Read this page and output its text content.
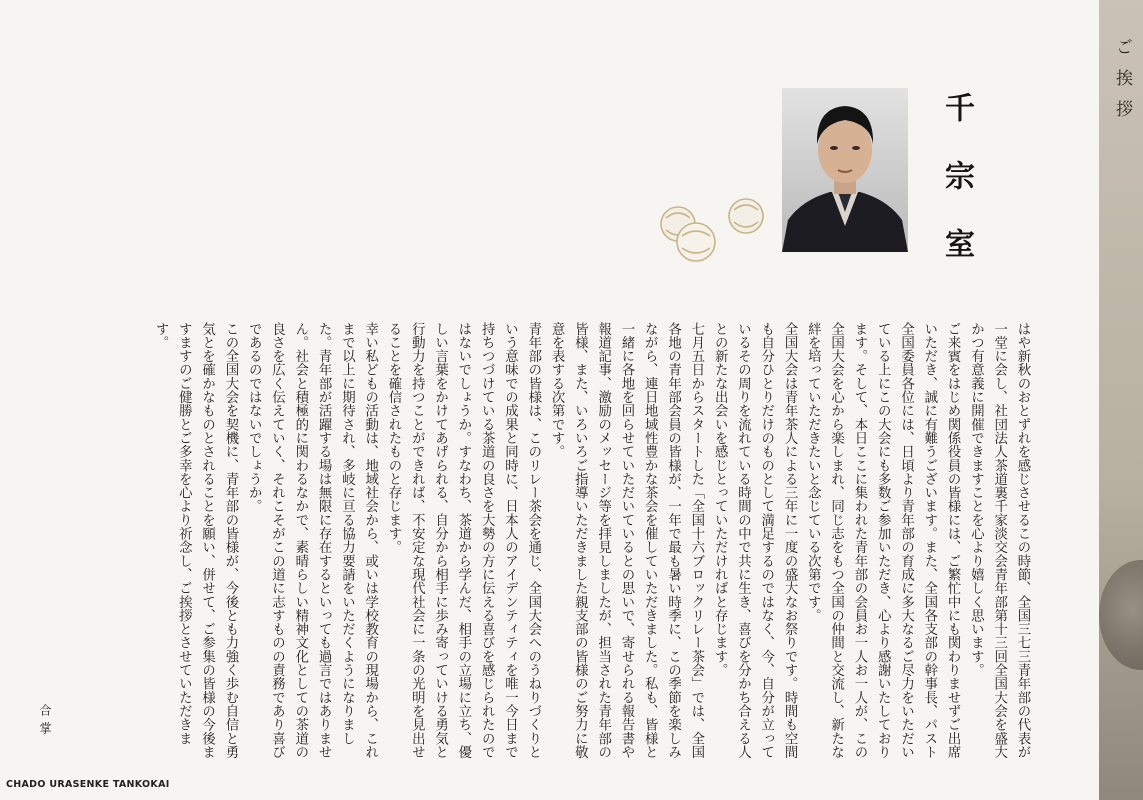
ご挨拶
千宗室

はや新秋のおとずれを感じさせるこの時節、全国三七三青年部の代表が一堂に会し、社団法人茶道裏千家淡交会青年部第十三回全国大会を盛大かつ有意義に開催できますことを心より嬉しく思います。

ご来賓をはじめ関係役員の皆様には、ご繁忙中にも関わりませずご出席いただき、誠に有難うございます。また、全国各支部の幹事長、パスト全国委員各位には、日頃より青年部の育成に多大なるご尽力をいただいている上にこの大会にも多数ご参加いただき、心より感謝いたしております。そして、本日ここに集われた青年部の会員お一人お一人が、この全国大会を心から楽しまれ、同じ志をもつ全国の仲間と交流し、新たな絆を培っていただきたいと念じている次第です。

全国大会は青年茶人による三年に一度の盛大なお祭りです。時間も空間も自分ひとりだけのものとして満足するのではなく、今、自分が立っているその周りを流れている時間の中で共に生き、喜びを分かち合える人との新たな出会いを感じとっていただければと存じます。

七月五日からスタートした「全国十六ブロックリレー茶会」では、全国各地の青年部会員の皆様が、一年で最も暑い時季に、この季節を楽しみながら、連日地域性豊かな茶会を催していただきました。私も、皆様と一緒に各地を回らせていただいているとの思いで、寄せられる報告書や報道記事、激励のメッセージ等を拝見しましたが、担当された青年部の皆様、また、いろいろご指導いただきました親支部の皆様のご努力に敬意を表する次第です。

青年部の皆様は、このリレー茶会を通じ、全国大会へのうねりづくりという意味での成果と同時に、日本人のアイデンティティを唯一今日まで持ちつづけている茶道の良さを大勢の方に伝える喜びを感じられたのではないでしょうか。すなわち、茶道から学んだ、相手の立場に立ち、優しい言葉をかけてあげられる、自分から相手に歩み寄っていける勇気と行動力を持つことができれば、不安定な現代社会に一条の光明を見出せることを確信されたものと存じます。

幸い私どもの活動は、地域社会から、或いは学校教育の現場から、これまで以上に期待され、多岐に亘る協力要請をいただくようになりました。青年部が活躍する場は無限に存在するといっても過言ではありません。社会と積極的に関わるなかで、素晴らしい精神文化としての茶道の良さを広く伝えていく、それこそがこの道に志すものの責務であり喜びであるのではないでしょうか。

この全国大会を契機に、青年部の皆様が、今後とも力強く歩む自信と勇気とを確かなものとされることを願い、併せて、ご参集の皆様の今後ますますのご健勝とご多幸を心より祈念し、ご挨拶とさせていただきます。

合掌
CHADO URASENKE TANKOKAI
